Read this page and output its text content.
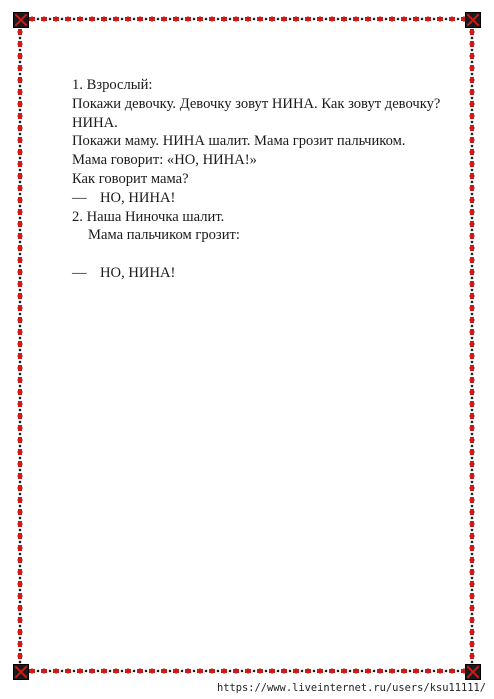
1. Взрослый:
Покажи девочку. Девочку зовут НИНА. Как зовут девочку?
НИНА.
Покажи маму. НИНА шалит. Мама грозит пальчиком.
Мама говорит: «НО, НИНА!»
Как говорит мама?
— НО, НИНА!
2. Наша Ниночка шалит.
Мама пальчиком грозит:
— НО, НИНА!
https://www.liveinternet.ru/users/ksu11111/
